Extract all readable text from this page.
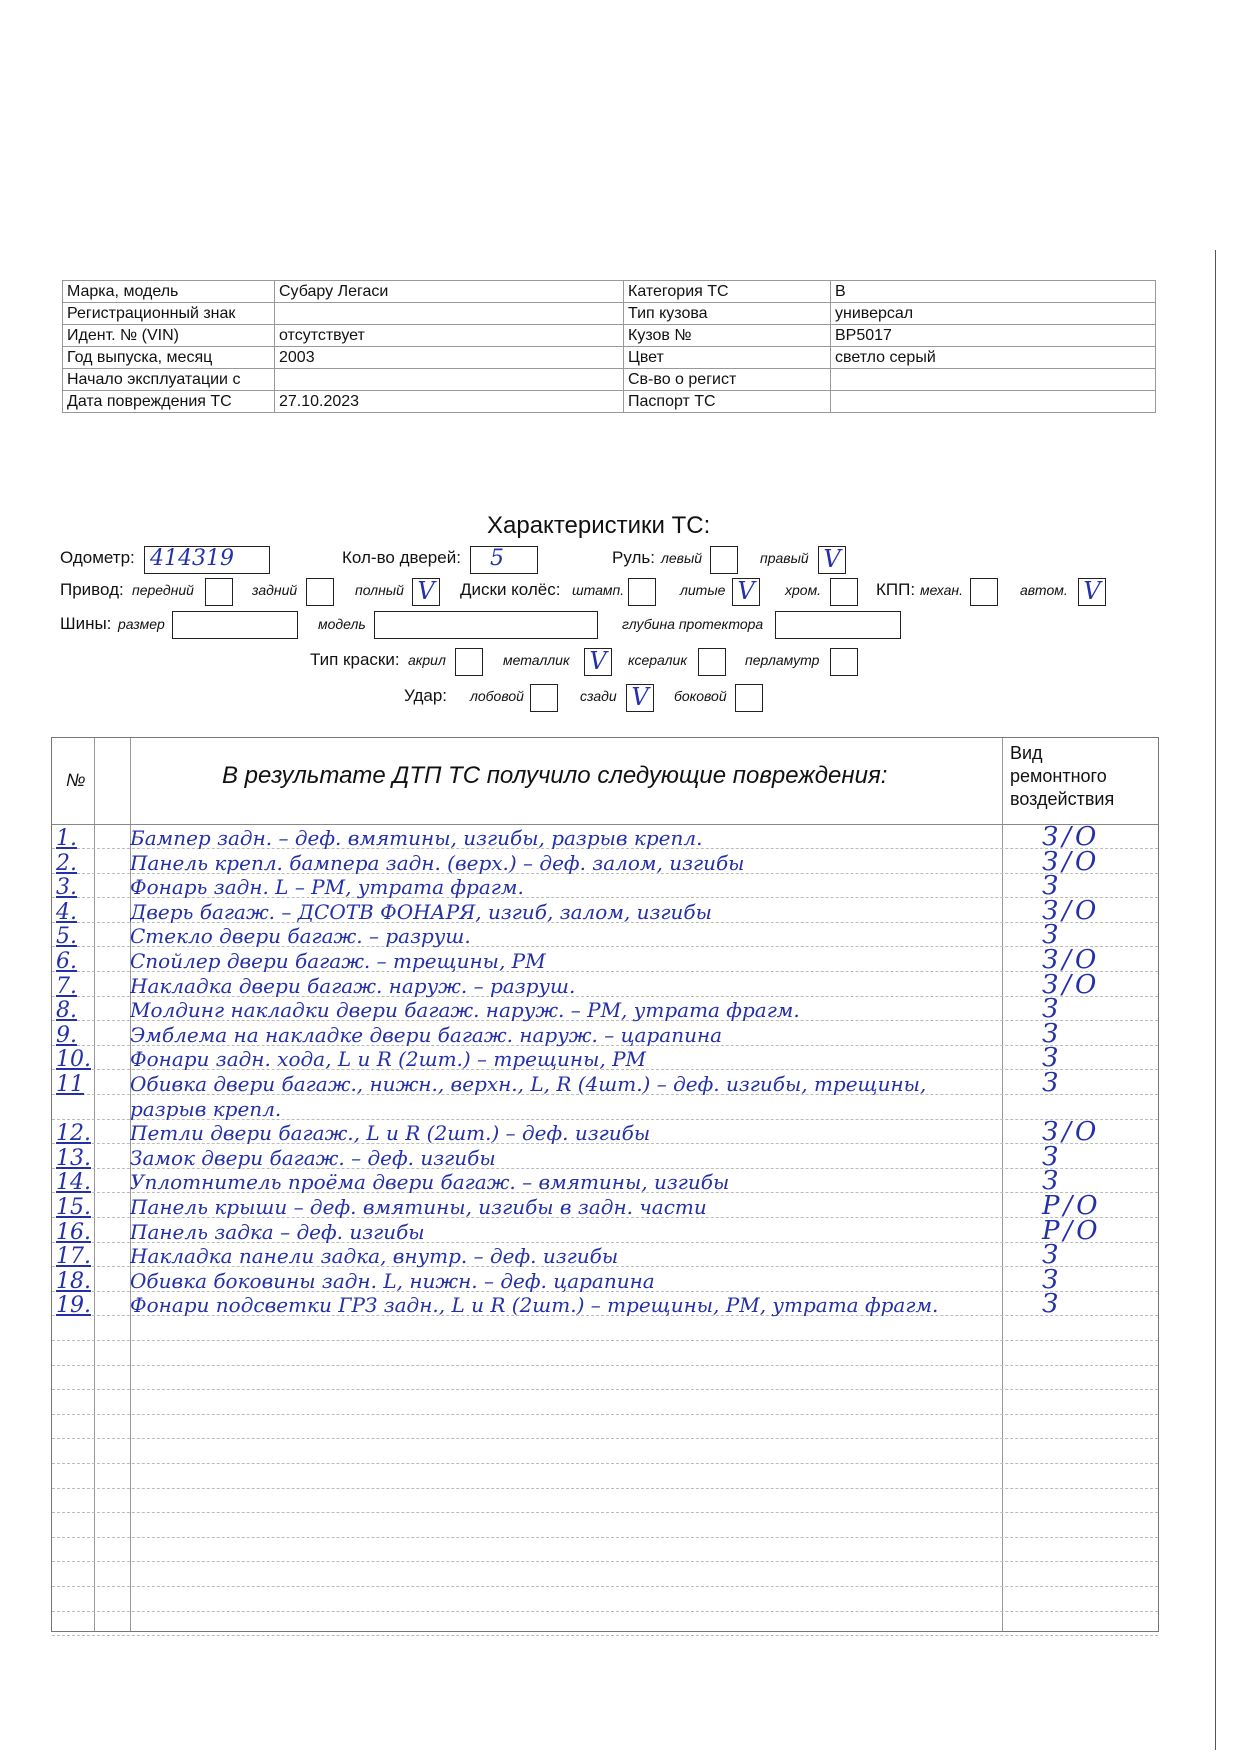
Марка, модель	Субару Легаси	Категория ТС	B
Регистрационный знак		Тип кузова	универсал
Идент. № (VIN)	отсутствует	Кузов №	BP5017
Год выпуска, месяц	2003	Цвет	светло серый
Начало эксплуатации с		Св-во о регист	
Дата повреждения ТС	27.10.2023	Паспорт ТС	
Характеристики ТС:
Одометр: 414319	Кол-во дверей: 5	Руль: левый	правый V
Привод: передний	задний	полный V Диски колёс: штамп.	литые V хром.	КПП: механ.	автом. V
Шины: размер	модель	глубина протектора
Тип краски: акрил	металлик V ксералик	перламутр
Удар: лобовой	сзади V боковой
№	В результате ДТП ТС получило следующие повреждения:
Вид
ремонтного
воздействия
1.	Бампер задн. – деф. вмятины, изгибы, разрыв крепл.	З/О
2.	Панель крепл. бампера задн. (верх.) – деф. залом, изгибы	З/О
3.	Фонарь задн. L – РМ, утрата фрагм.	З
4.	Дверь багаж. – ДСОТВ ФОНАРЯ, изгиб, залом, изгибы	З/О
5.	Стекло двери багаж. – разруш.	З
6.	Спойлер двери багаж. – трещины, РМ	З/О
7.	Накладка двери багаж. наруж. – разруш.	З/О
8.	Молдинг накладки двери багаж. наруж. – РМ, утрата фрагм.	З
9.	Эмблема на накладке двери багаж. наруж. – царапина	З
10.	Фонари задн. хода, L и R (2шт.) – трещины, РМ	З
11	Обивка двери багаж., нижн., верхн., L, R (4шт.) – деф. изгибы, трещины,	З
разрыв крепл.
12.	Петли двери багаж., L и R (2шт.) – деф. изгибы	З/О
13.	Замок двери багаж. – деф. изгибы	З
14.	Уплотнитель проёма двери багаж. – вмятины, изгибы	З
15.	Панель крыши – деф. вмятины, изгибы в задн. части	Р/О
16.	Панель задка – деф. изгибы	Р/О
17.	Накладка панели задка, внутр. – деф. изгибы	З
18.	Обивка боковины задн. L, нижн. – деф. царапина	З
19.	Фонари подсветки ГРЗ задн., L и R (2шт.) – трещины, РМ, утрата фрагм.	З
